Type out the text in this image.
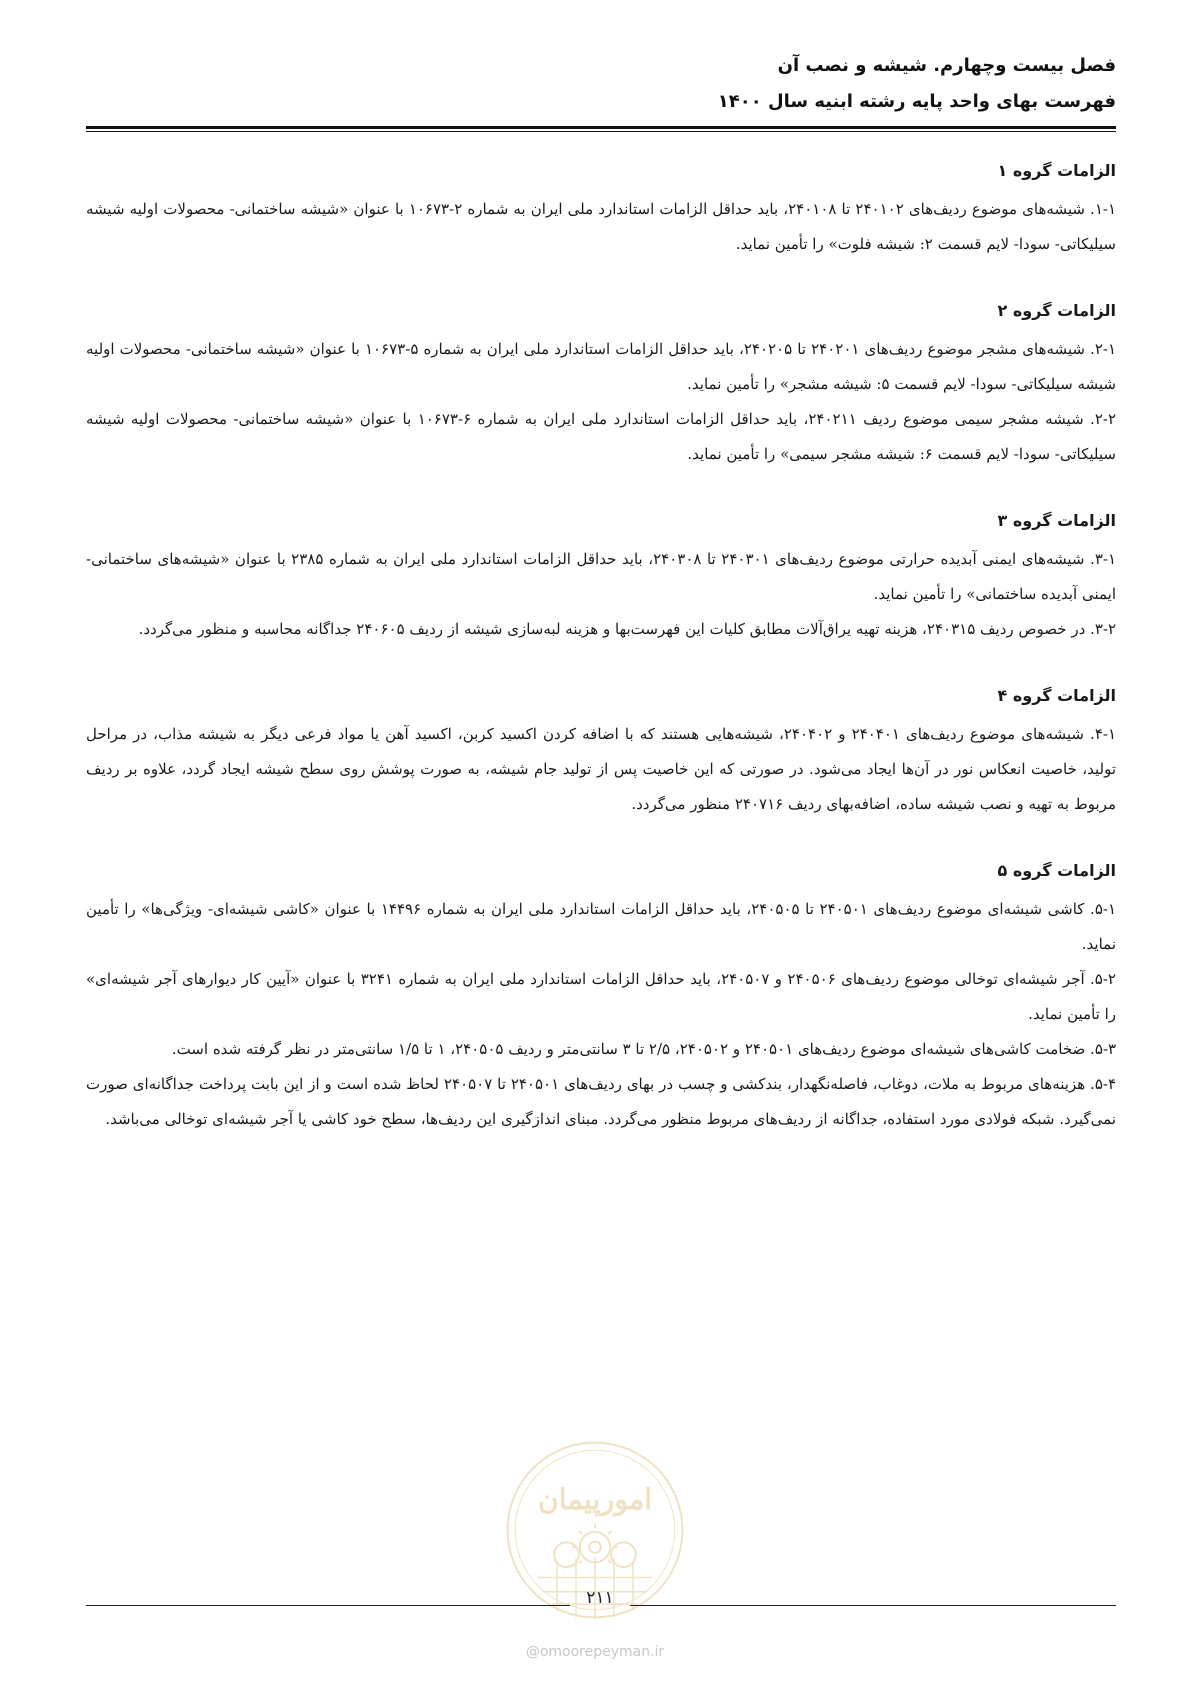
فصل بیست وچهارم. شیشه و نصب آن
فهرست بهای واحد پایه رشته ابنیه سال ۱۴۰۰
الزامات گروه ۱

۱-۱. شیشه‌های موضوع ردیف‌های ۲۴۰۱۰۲ تا ۲۴۰۱۰۸، باید حداقل الزامات استاندارد ملی ایران به شماره ۲-۱۰۶۷۳ با عنوان «شیشه ساختمانی- محصولات اولیه شیشه سیلیکاتی- سودا- لایم قسمت ۲: شیشه فلوت» را تأمین نماید.

الزامات گروه ۲

۲-۱. شیشه‌های مشجر موضوع ردیف‌های ۲۴۰۲۰۱ تا ۲۴۰۲۰۵، باید حداقل الزامات استاندارد ملی ایران به شماره ۵-۱۰۶۷۳ با عنوان «شیشه ساختمانی- محصولات اولیه شیشه سیلیکاتی- سودا- لایم قسمت ۵: شیشه مشجر» را تأمین نماید.

۲-۲. شیشه مشجر سیمی موضوع ردیف ۲۴۰۲۱۱، باید حداقل الزامات استاندارد ملی ایران به شماره ۶-۱۰۶۷۳ با عنوان «شیشه ساختمانی- محصولات اولیه شیشه سیلیکاتی- سودا- لایم قسمت ۶: شیشه مشجر سیمی» را تأمین نماید.

الزامات گروه ۳

۳-۱. شیشه‌های ایمنی آبدیده حرارتی موضوع ردیف‌های ۲۴۰۳۰۱ تا ۲۴۰۳۰۸، باید حداقل الزامات استاندارد ملی ایران به شماره ۲۳۸۵ با عنوان «شیشه‌های ساختمانی- ایمنی آبدیده ساختمانی» را تأمین نماید.

۳-۲. در خصوص ردیف ۲۴۰۳۱۵، هزینه تهیه یراق‌آلات مطابق کلیات این فهرست‌بها و هزینه لبه‌سازی شیشه از ردیف ۲۴۰۶۰۵ جداگانه محاسبه و منظور می‌گردد.

الزامات گروه ۴

۴-۱. شیشه‌های موضوع ردیف‌های ۲۴۰۴۰۱ و ۲۴۰۴۰۲، شیشه‌هایی هستند که با اضافه کردن اکسید کربن، اکسید آهن یا مواد فرعی دیگر به شیشه مذاب، در مراحل تولید، خاصیت انعکاس نور در آن‌ها ایجاد می‌شود. در صورتی که این خاصیت پس از تولید جام شیشه، به صورت پوشش روی سطح شیشه ایجاد گردد، علاوه بر ردیف مربوط به تهیه و نصب شیشه ساده، اضافه‌بهای ردیف ۲۴۰۷۱۶ منظور می‌گردد.

الزامات گروه ۵

۵-۱. کاشی شیشه‌ای موضوع ردیف‌های ۲۴۰۵۰۱ تا ۲۴۰۵۰۵، باید حداقل الزامات استاندارد ملی ایران به شماره ۱۴۴۹۶ با عنوان «کاشی شیشه‌ای- ویژگی‌ها» را تأمین نماید.

۵-۲. آجر شیشه‌ای توخالی موضوع ردیف‌های ۲۴۰۵۰۶ و ۲۴۰۵۰۷، باید حداقل الزامات استاندارد ملی ایران به شماره ۳۲۴۱ با عنوان «آیین کار دیوارهای آجر شیشه‌ای» را تأمین نماید.

۵-۳. ضخامت کاشی‌های شیشه‌ای موضوع ردیف‌های ۲۴۰۵۰۱ و ۲۴۰۵۰۲، ۲/۵ تا ۳ سانتی‌متر و ردیف ۲۴۰۵۰۵، ۱ تا ۱/۵ سانتی‌متر در نظر گرفته شده است.

۵-۴. هزینه‌های مربوط به ملات، دوغاب، فاصله‌نگهدار، بندکشی و چسب در بهای ردیف‌های ۲۴۰۵۰۱ تا ۲۴۰۵۰۷ لحاظ شده است و از این بابت پرداخت جداگانه‌ای صورت نمی‌گیرد. شبکه فولادی مورد استفاده، جداگانه از ردیف‌های مربوط منظور می‌گردد. مبنای اندازگیری این ردیف‌ها، سطح خود کاشی یا آجر شیشه‌ای توخالی می‌باشد.

امورپیمان
۲۱۱
@omoorepeyman.ir
